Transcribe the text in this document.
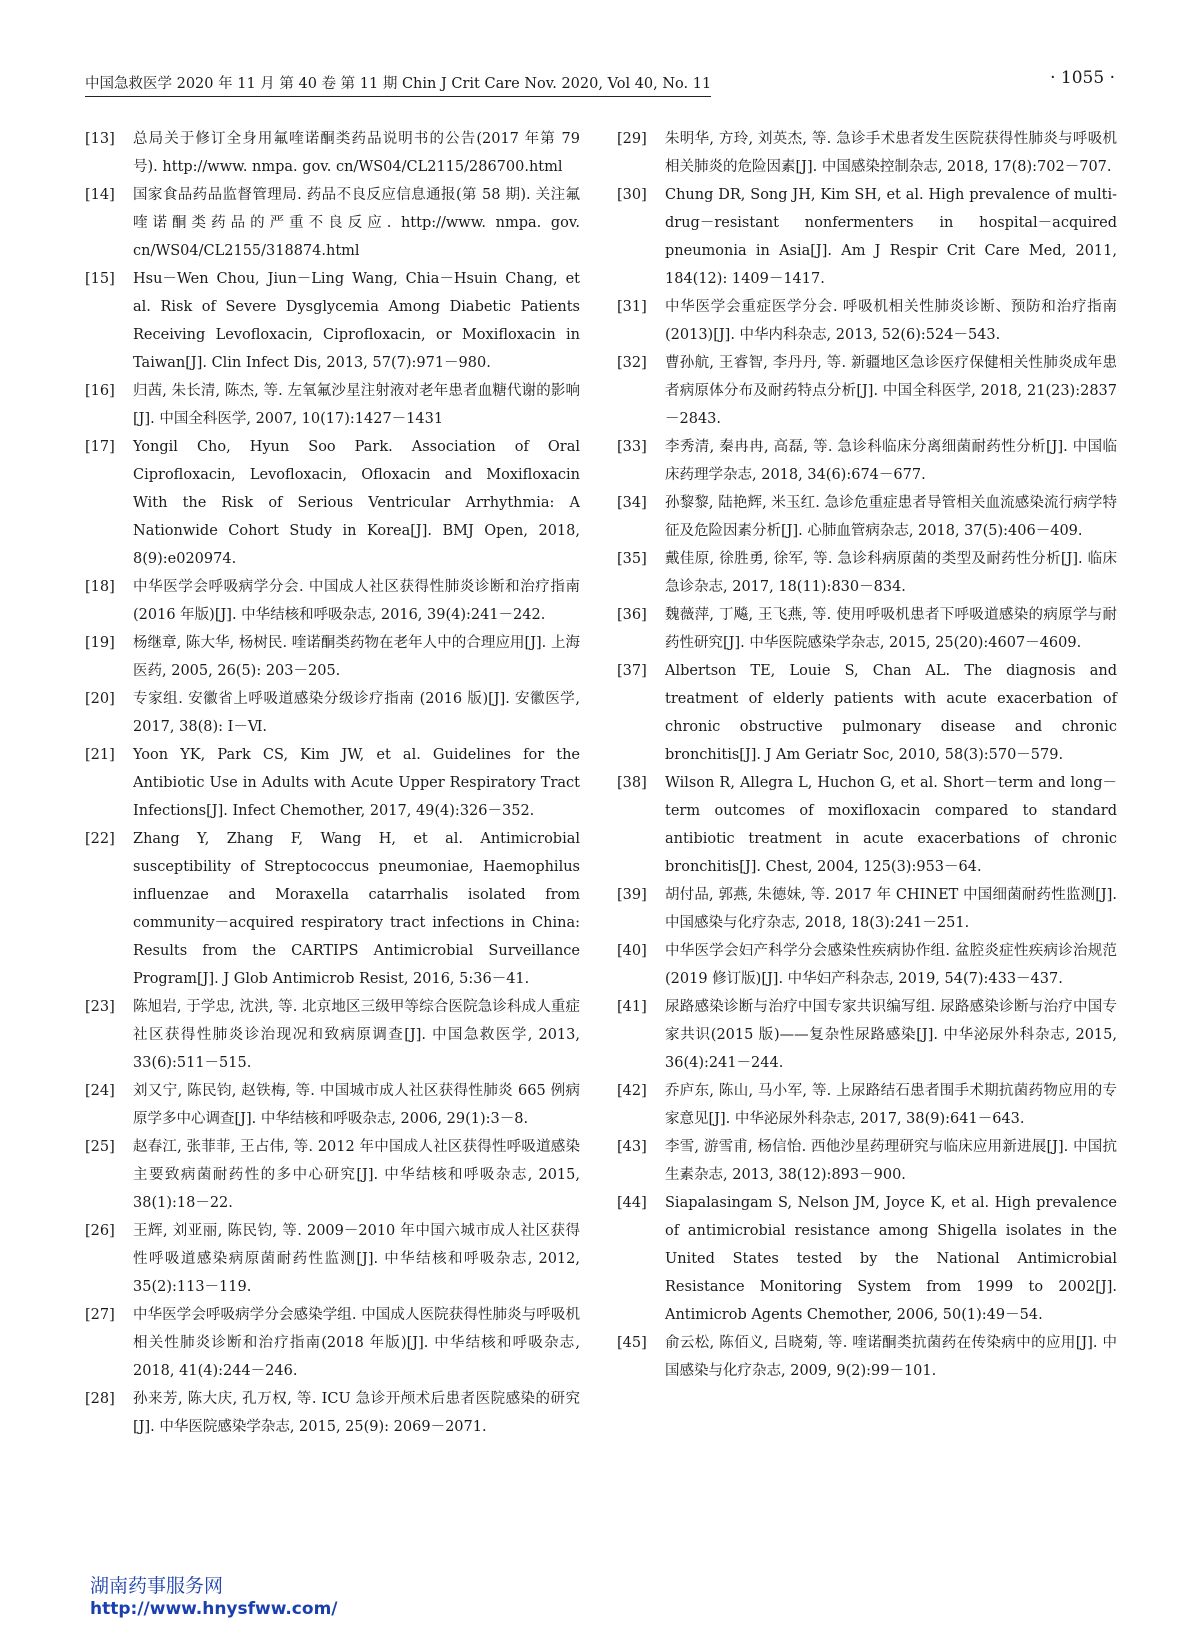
中国急救医学 2020 年 11 月 第 40 卷 第 11 期 Chin J Crit Care Nov. 2020, Vol 40, No. 11	· 1055 ·
[13]	总局关于修订全身用氟喹诺酮类药品说明书的公告(2017 年第 79 号). http://www. nmpa. gov. cn/WS04/CL2115/286700.html
[14]	国家食品药品监督管理局. 药品不良反应信息通报(第 58 期). 关注氟喹诺酮类药品的严重不良反应. http://www. nmpa. gov. cn/WS04/CL2155/318874.html
[15]	Hsu－Wen Chou, Jiun－Ling Wang, Chia－Hsuin Chang, et al. Risk of Severe Dysglycemia Among Diabetic Patients Receiving Levofloxacin, Ciprofloxacin, or Moxifloxacin in Taiwan[J]. Clin Infect Dis, 2013, 57(7):971－980.
[16]	归茜, 朱长清, 陈杰, 等. 左氧氟沙星注射液对老年患者血糖代谢的影响[J]. 中国全科医学, 2007, 10(17):1427－1431
[17]	Yongil Cho, Hyun Soo Park. Association of Oral Ciprofloxacin, Levofloxacin, Ofloxacin and Moxifloxacin With the Risk of Serious Ventricular Arrhythmia: A Nationwide Cohort Study in Korea[J]. BMJ Open, 2018, 8(9):e020974.
[18]	中华医学会呼吸病学分会. 中国成人社区获得性肺炎诊断和治疗指南(2016 年版)[J]. 中华结核和呼吸杂志, 2016, 39(4):241－242.
[19]	杨继章, 陈大华, 杨树民. 喹诺酮类药物在老年人中的合理应用[J]. 上海医药, 2005, 26(5): 203－205.
[20]	专家组. 安徽省上呼吸道感染分级诊疗指南 (2016 版)[J]. 安徽医学, 2017, 38(8): Ⅰ－Ⅵ.
[21]	Yoon YK, Park CS, Kim JW, et al. Guidelines for the Antibiotic Use in Adults with Acute Upper Respiratory Tract Infections[J]. Infect Chemother, 2017, 49(4):326－352.
[22]	Zhang Y, Zhang F, Wang H, et al. Antimicrobial susceptibility of Streptococcus pneumoniae, Haemophilus influenzae and Moraxella catarrhalis isolated from community－acquired respiratory tract infections in China: Results from the CARTIPS Antimicrobial Surveillance Program[J]. J Glob Antimicrob Resist, 2016, 5:36－41.
[23]	陈旭岩, 于学忠, 沈洪, 等. 北京地区三级甲等综合医院急诊科成人重症社区获得性肺炎诊治现况和致病原调查[J]. 中国急救医学, 2013, 33(6):511－515.
[24]	刘又宁, 陈民钧, 赵铁梅, 等. 中国城市成人社区获得性肺炎 665 例病原学多中心调查[J]. 中华结核和呼吸杂志, 2006, 29(1):3－8.
[25]	赵春江, 张菲菲, 王占伟, 等. 2012 年中国成人社区获得性呼吸道感染主要致病菌耐药性的多中心研究[J]. 中华结核和呼吸杂志, 2015, 38(1):18－22.
[26]	王辉, 刘亚丽, 陈民钧, 等. 2009－2010 年中国六城市成人社区获得性呼吸道感染病原菌耐药性监测[J]. 中华结核和呼吸杂志, 2012, 35(2):113－119.
[27]	中华医学会呼吸病学分会感染学组. 中国成人医院获得性肺炎与呼吸机相关性肺炎诊断和治疗指南(2018 年版)[J]. 中华结核和呼吸杂志, 2018, 41(4):244－246.
[28]	孙来芳, 陈大庆, 孔万权, 等. ICU 急诊开颅术后患者医院感染的研究[J]. 中华医院感染学杂志, 2015, 25(9): 2069－2071.
[29]	朱明华, 方玲, 刘英杰, 等. 急诊手术患者发生医院获得性肺炎与呼吸机相关肺炎的危险因素[J]. 中国感染控制杂志, 2018, 17(8):702－707.
[30]	Chung DR, Song JH, Kim SH, et al. High prevalence of multi-drug－resistant nonfermenters in hospital－acquired pneumonia in Asia[J]. Am J Respir Crit Care Med, 2011, 184(12): 1409－1417.
[31]	中华医学会重症医学分会. 呼吸机相关性肺炎诊断、预防和治疗指南(2013)[J]. 中华内科杂志, 2013, 52(6):524－543.
[32]	曹孙航, 王睿智, 李丹丹, 等. 新疆地区急诊医疗保健相关性肺炎成年患者病原体分布及耐药特点分析[J]. 中国全科医学, 2018, 21(23):2837－2843.
[33]	李秀清, 秦冉冉, 高磊, 等. 急诊科临床分离细菌耐药性分析[J]. 中国临床药理学杂志, 2018, 34(6):674－677.
[34]	孙黎黎, 陆艳辉, 米玉红. 急诊危重症患者导管相关血流感染流行病学特征及危险因素分析[J]. 心肺血管病杂志, 2018, 37(5):406－409.
[35]	戴佳原, 徐胜勇, 徐军, 等. 急诊科病原菌的类型及耐药性分析[J]. 临床急诊杂志, 2017, 18(11):830－834.
[36]	魏薇萍, 丁飚, 王飞燕, 等. 使用呼吸机患者下呼吸道感染的病原学与耐药性研究[J]. 中华医院感染学杂志, 2015, 25(20):4607－4609.
[37]	Albertson TE, Louie S, Chan AL. The diagnosis and treatment of elderly patients with acute exacerbation of chronic obstructive pulmonary disease and chronic bronchitis[J]. J Am Geriatr Soc, 2010, 58(3):570－579.
[38]	Wilson R, Allegra L, Huchon G, et al. Short－term and long－term outcomes of moxifloxacin compared to standard antibiotic treatment in acute exacerbations of chronic bronchitis[J]. Chest, 2004, 125(3):953－64.
[39]	胡付品, 郭燕, 朱德妹, 等. 2017 年 CHINET 中国细菌耐药性监测[J]. 中国感染与化疗杂志, 2018, 18(3):241－251.
[40]	中华医学会妇产科学分会感染性疾病协作组. 盆腔炎症性疾病诊治规范(2019 修订版)[J]. 中华妇产科杂志, 2019, 54(7):433－437.
[41]	尿路感染诊断与治疗中国专家共识编写组. 尿路感染诊断与治疗中国专家共识(2015 版)——复杂性尿路感染[J]. 中华泌尿外科杂志, 2015, 36(4):241－244.
[42]	乔庐东, 陈山, 马小军, 等. 上尿路结石患者围手术期抗菌药物应用的专家意见[J]. 中华泌尿外科杂志, 2017, 38(9):641－643.
[43]	李雪, 游雪甫, 杨信怡. 西他沙星药理研究与临床应用新进展[J]. 中国抗生素杂志, 2013, 38(12):893－900.
[44]	Siapalasingam S, Nelson JM, Joyce K, et al. High prevalence of antimicrobial resistance among Shigella isolates in the United States tested by the National Antimicrobial Resistance Monitoring System from 1999 to 2002[J]. Antimicrob Agents Chemother, 2006, 50(1):49－54.
[45]	俞云松, 陈佰义, 吕晓菊, 等. 喹诺酮类抗菌药在传染病中的应用[J]. 中国感染与化疗杂志, 2009, 9(2):99－101.
湖南药事服务网
http://www.hnysfww.com/
